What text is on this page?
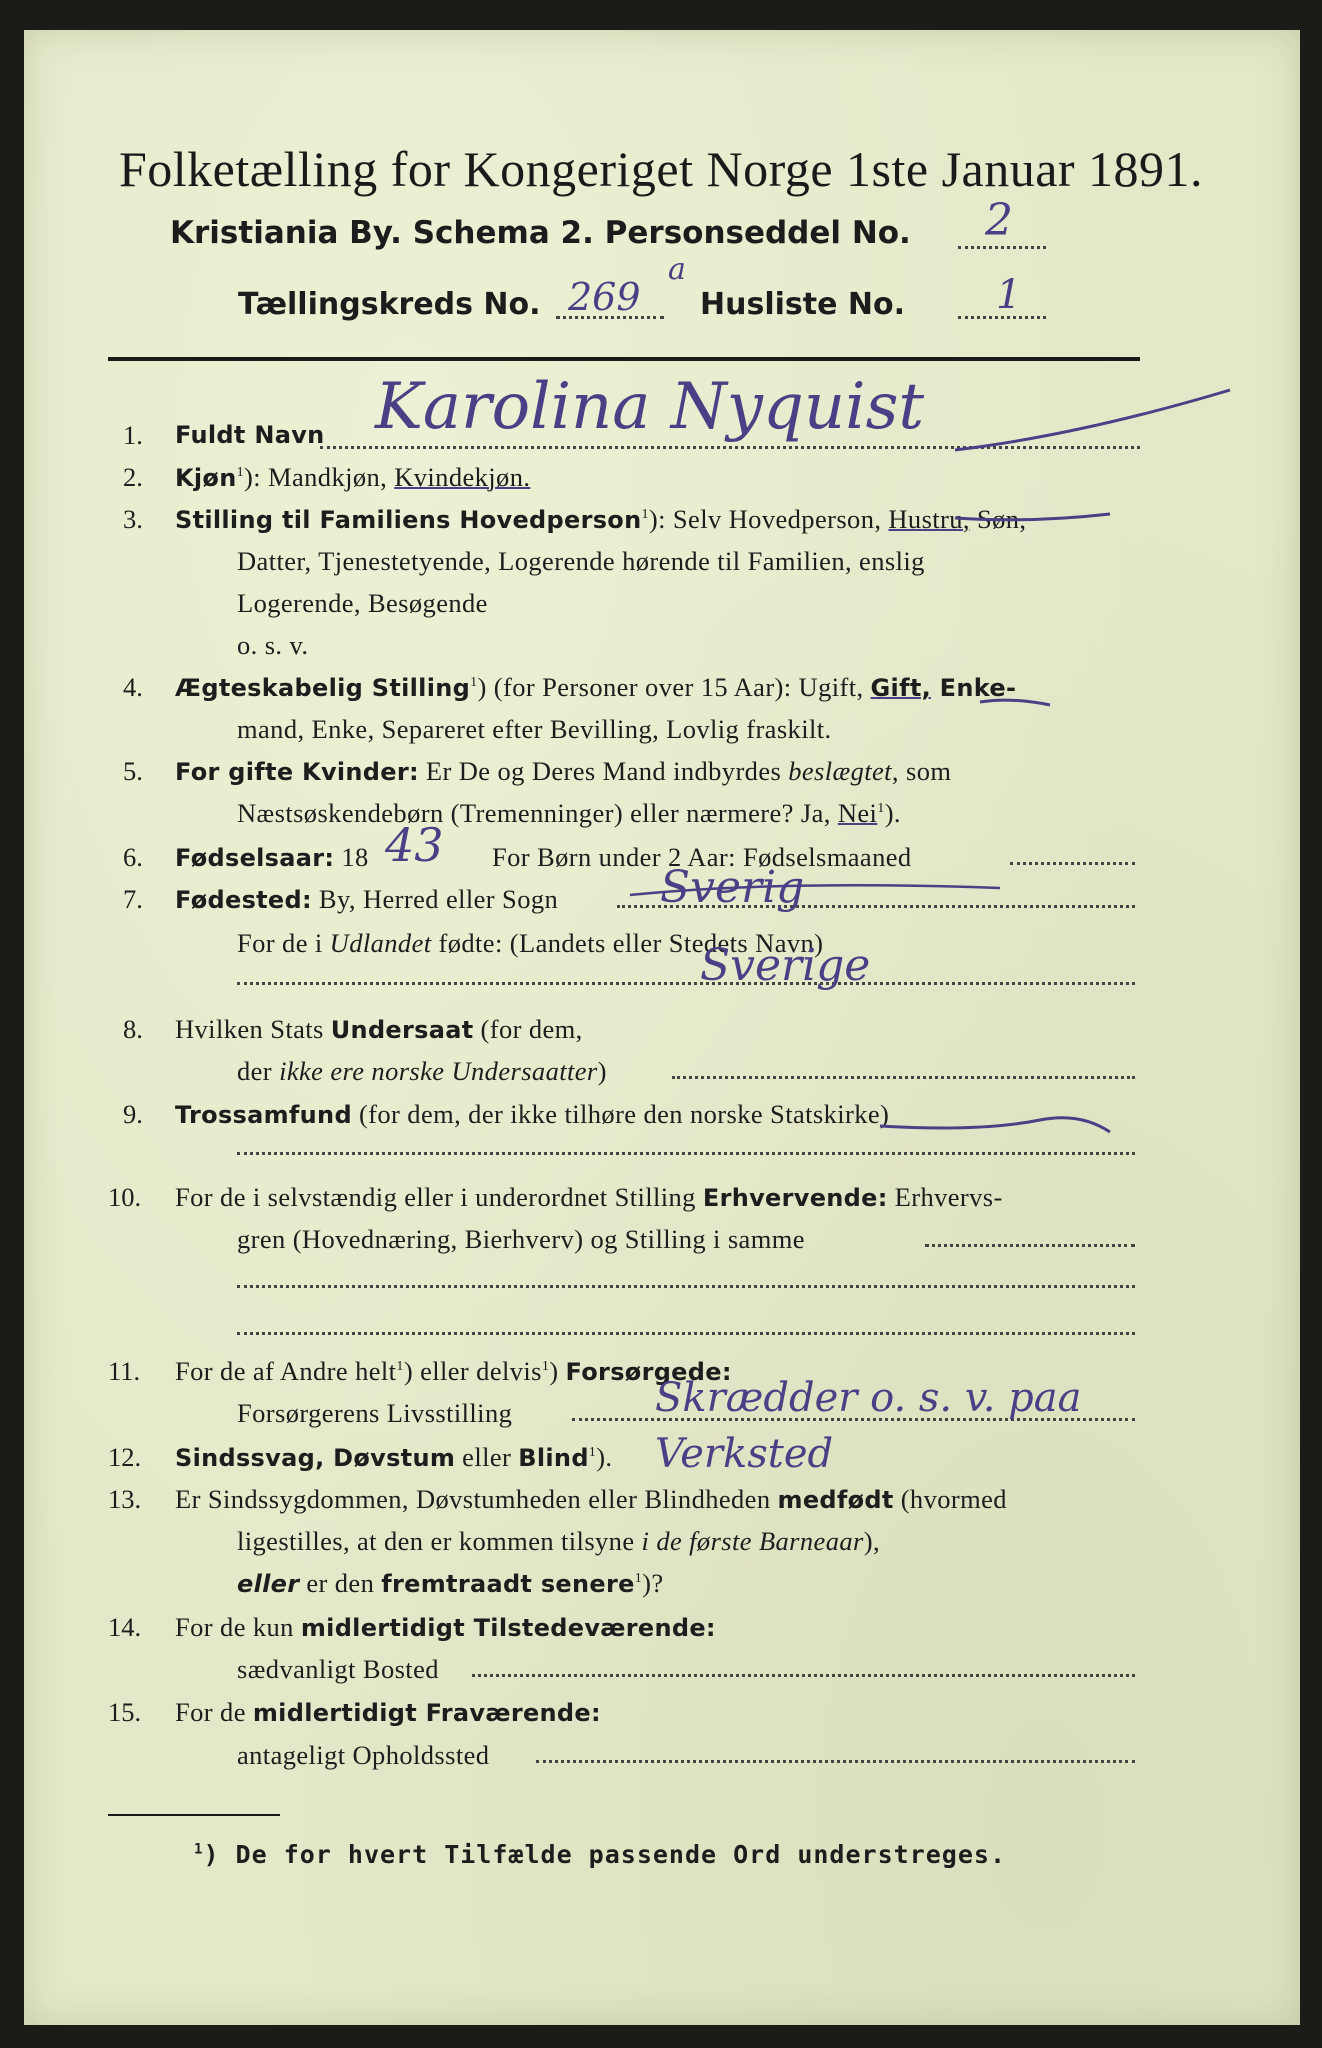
Folketælling for Kongeriget Norge 1ste Januar 1891.
Kristiania By. Schema 2. Personseddel No. 2
Tællingskreds No. 269
a
Husliste No. 1
1. Fuldt Navn Karolina Nyquist
2. Kjøn$^1$): Mandkjøn, Kvindekjøn.
3. Stilling til Familiens Hovedperson$^1$): Selv Hovedperson, Hustru, Søn,
Datter, Tjenestetyende, Logerende hørende til Familien, enslig
Logerende, Besøgende
o. s. v.
4. Ægteskabelig Stilling$^1$) (for Personer over 15 Aar): Ugift, Gift, Enke-
mand, Enke, Separeret efter Bevilling, Lovlig fraskilt.
5. For gifte Kvinder: Er De og Deres Mand indbyrdes beslægtet, som
Næstsøskendebørn (Tremenninger) eller nærmere? Ja, Nei$^1$).
6. Fødselsaar: 18 43 For Børn under 2 Aar: Fødselsmaaned
7. Fødested: By, Herred eller Sogn Sverig
For de i Udlandet fødte: (Landets eller Stedets Navn)
Sverige
8. Hvilken Stats Undersaat (for dem,
der ikke ere norske Undersaatter)
9. Trossamfund (for dem, der ikke tilhøre den norske Statskirke)
10. For de i selvstændig eller i underordnet Stilling Erhvervende: Erhvervs-
gren (Hovednæring, Bierhverv) og Stilling i samme
11. For de af Andre helt$^1$) eller delvis$^1$) Forsørgede:
Forsørgerens Livsstilling	Skrædder o. s. v. paa Verksted
12. Sindssvag, Døvstum eller Blind$^1$).
13. Er Sindssygdommen, Døvstumheden eller Blindheden medfødt (hvormed
ligestilles, at den er kommen tilsyne i de første Barneaar),
eller er den fremtraadt senere$^1$)?
14. For de kun midlertidigt Tilstedeværende:
sædvanligt Bosted
15. For de midlertidigt Fraværende:
antageligt Opholdssted
$^1$) De for hvert Tilfælde passende Ord understreges.
